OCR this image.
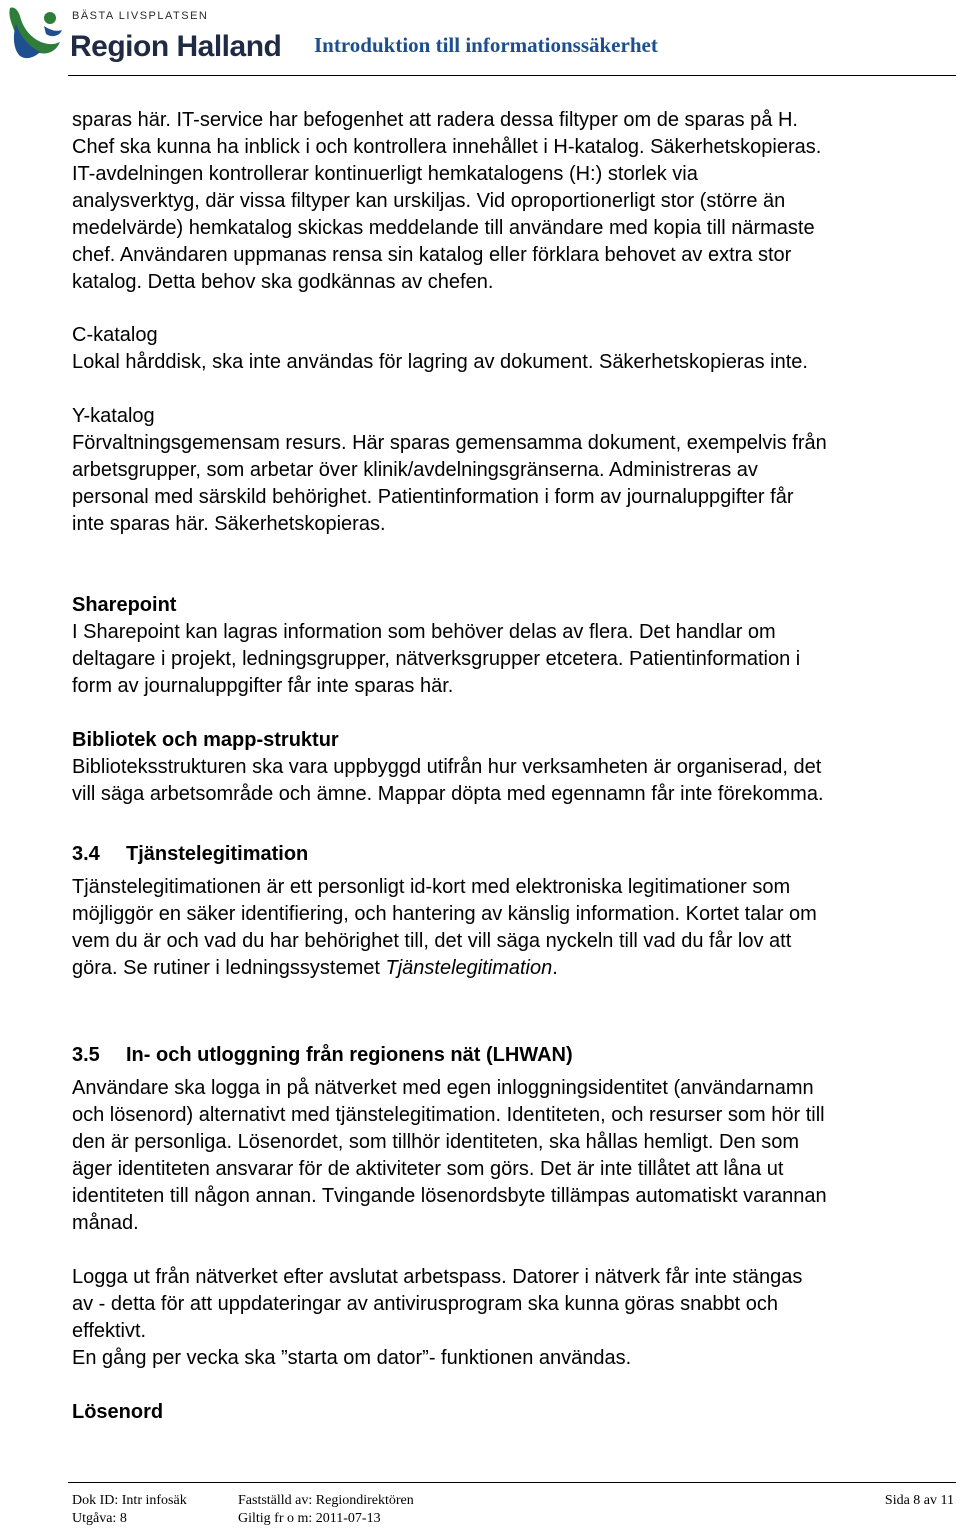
BÄSTA LIVSPLATSEN
Region Halland Introduktion till informationssäkerhet
sparas här. IT-service har befogenhet att radera dessa filtyper om de sparas på H.
Chef ska kunna ha inblick i och kontrollera innehållet i H-katalog. Säkerhetskopieras.
IT-avdelningen kontrollerar kontinuerligt hemkatalogens (H:) storlek via
analysverktyg, där vissa filtyper kan urskiljas. Vid oproportionerligt stor (större än
medelvärde) hemkatalog skickas meddelande till användare med kopia till närmaste
chef. Användaren uppmanas rensa sin katalog eller förklara behovet av extra stor
katalog. Detta behov ska godkännas av chefen.
C-katalog
Lokal hårddisk, ska inte användas för lagring av dokument. Säkerhetskopieras inte.
Y-katalog
Förvaltningsgemensam resurs. Här sparas gemensamma dokument, exempelvis från
arbetsgrupper, som arbetar över klinik/avdelningsgränserna. Administreras av
personal med särskild behörighet. Patientinformation i form av journaluppgifter får
inte sparas här. Säkerhetskopieras.
Sharepoint
I Sharepoint kan lagras information som behöver delas av flera. Det handlar om
deltagare i projekt, ledningsgrupper, nätverksgrupper etcetera. Patientinformation i
form av journaluppgifter får inte sparas här.
Bibliotek och mapp-struktur
Biblioteksstrukturen ska vara uppbyggd utifrån hur verksamheten är organiserad, det
vill säga arbetsområde och ämne. Mappar döpta med egennamn får inte förekomma.
3.4 Tjänstelegitimation
Tjänstelegitimationen är ett personligt id-kort med elektroniska legitimationer som
möjliggör en säker identifiering, och hantering av känslig information. Kortet talar om
vem du är och vad du har behörighet till, det vill säga nyckeln till vad du får lov att
göra. Se rutiner i ledningssystemet Tjänstelegitimation.
3.5 In- och utloggning från regionens nät (LHWAN)
Användare ska logga in på nätverket med egen inloggningsidentitet (användarnamn
och lösenord) alternativt med tjänstelegitimation. Identiteten, och resurser som hör till
den är personliga. Lösenordet, som tillhör identiteten, ska hållas hemligt. Den som
äger identiteten ansvarar för de aktiviteter som görs. Det är inte tillåtet att låna ut
identiteten till någon annan. Tvingande lösenordsbyte tillämpas automatiskt varannan
månad.
Logga ut från nätverket efter avslutat arbetspass. Datorer i nätverk får inte stängas
av - detta för att uppdateringar av antivirusprogram ska kunna göras snabbt och
effektivt.
En gång per vecka ska ”starta om dator”- funktionen användas.
Lösenord
Dok ID: Intr infosäk
Utgåva: 8
Fastställd av: Regiondirektören
Giltig fr o m: 2011-07-13
Sida 8 av 11
